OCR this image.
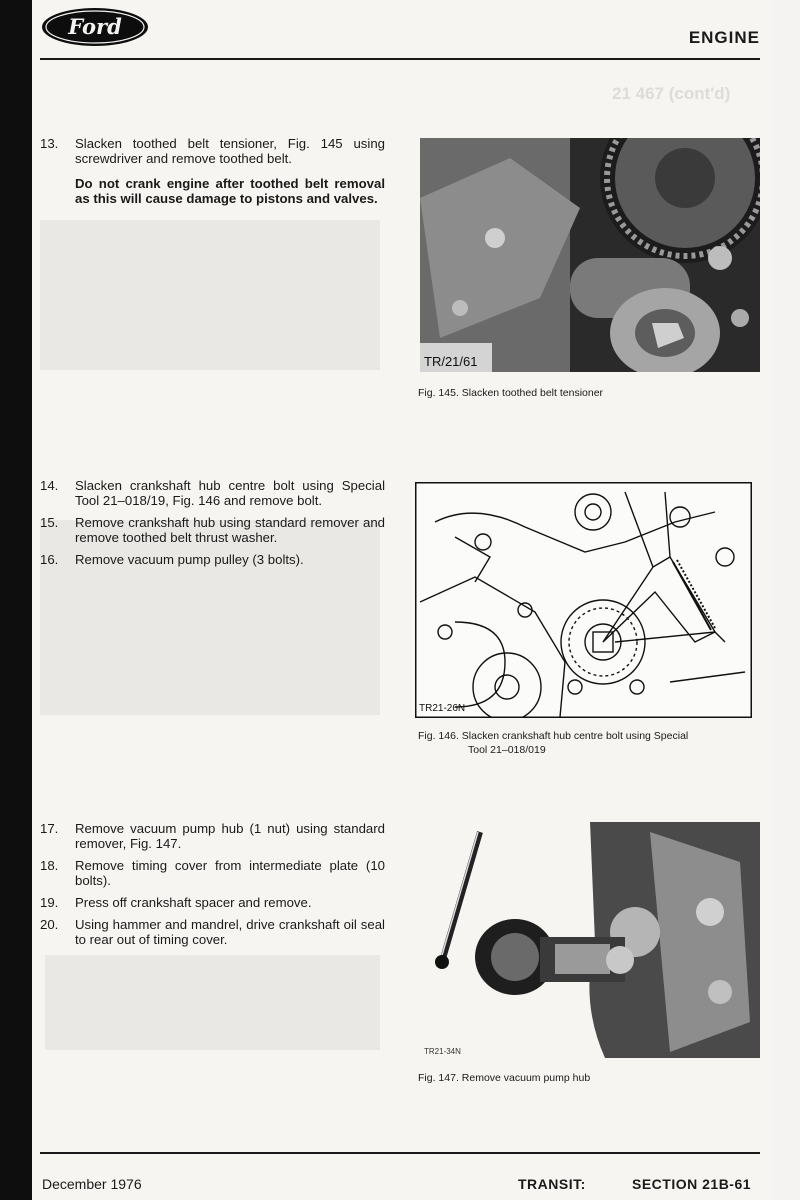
21 467 (cont'd)
Ford	ENGINE
13.	Slacken toothed belt tensioner, Fig. 145 using screwdriver and remove toothed belt.
Do not crank engine after toothed belt removal as this will cause damage to pistons and valves.
14.	Slacken crankshaft hub centre bolt using Special Tool 21–018/19, Fig. 146 and remove bolt.
15.	Remove crankshaft hub using standard remover and remove toothed belt thrust washer.
16.	Remove vacuum pump pulley (3 bolts).
17.	Remove vacuum pump hub (1 nut) using standard remover, Fig. 147.
18.	Remove timing cover from intermediate plate (10 bolts).
19.	Press off crankshaft spacer and remove.
20.	Using hammer and mandrel, drive crankshaft oil seal to rear out of timing cover.
TR/21/61
Fig. 145. Slacken toothed belt tensioner
TR21-26N
Fig. 146. Slacken crankshaft hub centre bolt using Special
Tool 21–018/019
TR21-34N
Fig. 147. Remove vacuum pump hub
December 1976	TRANSIT:	SECTION 21B-61
